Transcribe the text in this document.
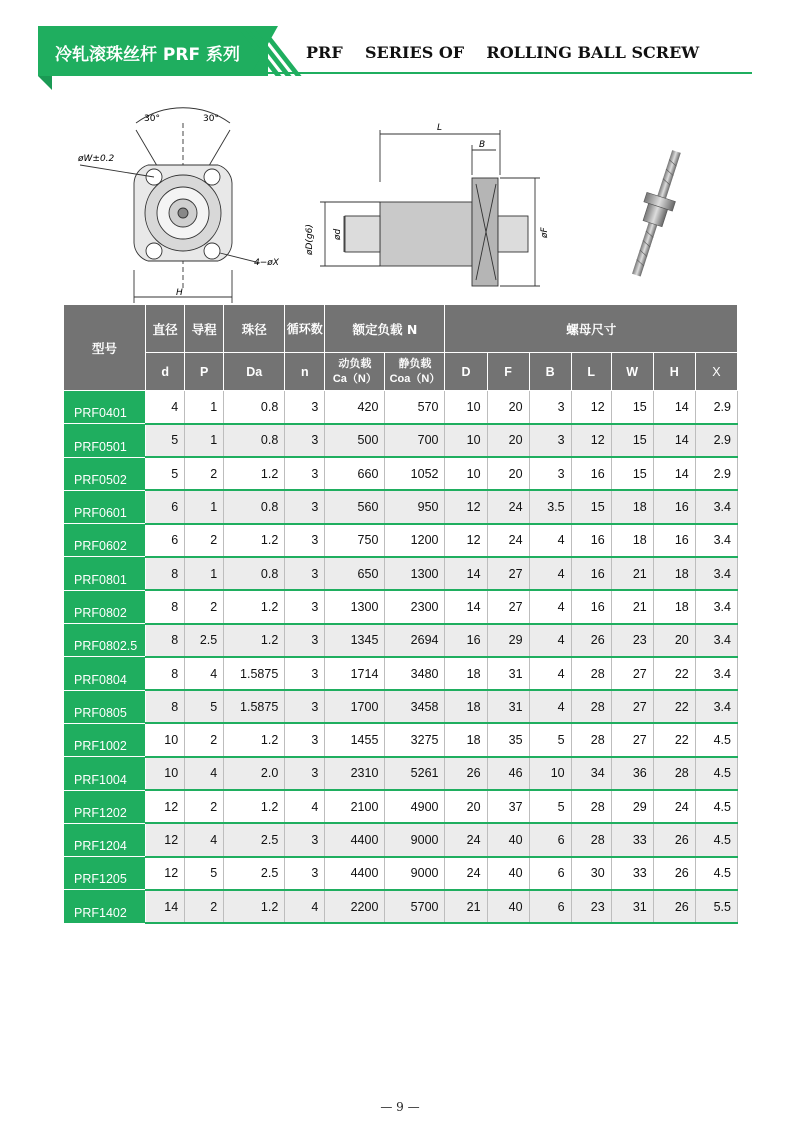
冷轧滚珠丝杆 PRF 系列	PRF    SERIES OF    ROLLING BALL SCREW
30°	30°
øW±0.2
4−øX
H
L
B
øD(g6) ød	øF
型号	直径	导程	珠径	循环数	额定负载 N		螺母尺寸						
	d	P	Da	n	动负载
Ca（N）	静负载
Coa（N）	D	F	B	L	W	H	X
PRF0401	4	1	0.8	3	420	570	10	20	3	12	15	14	2.9
PRF0501	5	1	0.8	3	500	700	10	20	3	12	15	14	2.9
PRF0502	5	2	1.2	3	660	1052	10	20	3	16	15	14	2.9
PRF0601	6	1	0.8	3	560	950	12	24	3.5	15	18	16	3.4
PRF0602	6	2	1.2	3	750	1200	12	24	4	16	18	16	3.4
PRF0801	8	1	0.8	3	650	1300	14	27	4	16	21	18	3.4
PRF0802	8	2	1.2	3	1300	2300	14	27	4	16	21	18	3.4
PRF0802.5	8	2.5	1.2	3	1345	2694	16	29	4	26	23	20	3.4
PRF0804	8	4	1.5875	3	1714	3480	18	31	4	28	27	22	3.4
PRF0805	8	5	1.5875	3	1700	3458	18	31	4	28	27	22	3.4
PRF1002	10	2	1.2	3	1455	3275	18	35	5	28	27	22	4.5
PRF1004	10	4	2.0	3	2310	5261	26	46	10	34	36	28	4.5
PRF1202	12	2	1.2	4	2100	4900	20	37	5	28	29	24	4.5
PRF1204	12	4	2.5	3	4400	9000	24	40	6	28	33	26	4.5
PRF1205	12	5	2.5	3	4400	9000	24	40	6	30	33	26	4.5
PRF1402	14	2	1.2	4	2200	5700	21	40	6	23	31	26	5.5
— 9 —
